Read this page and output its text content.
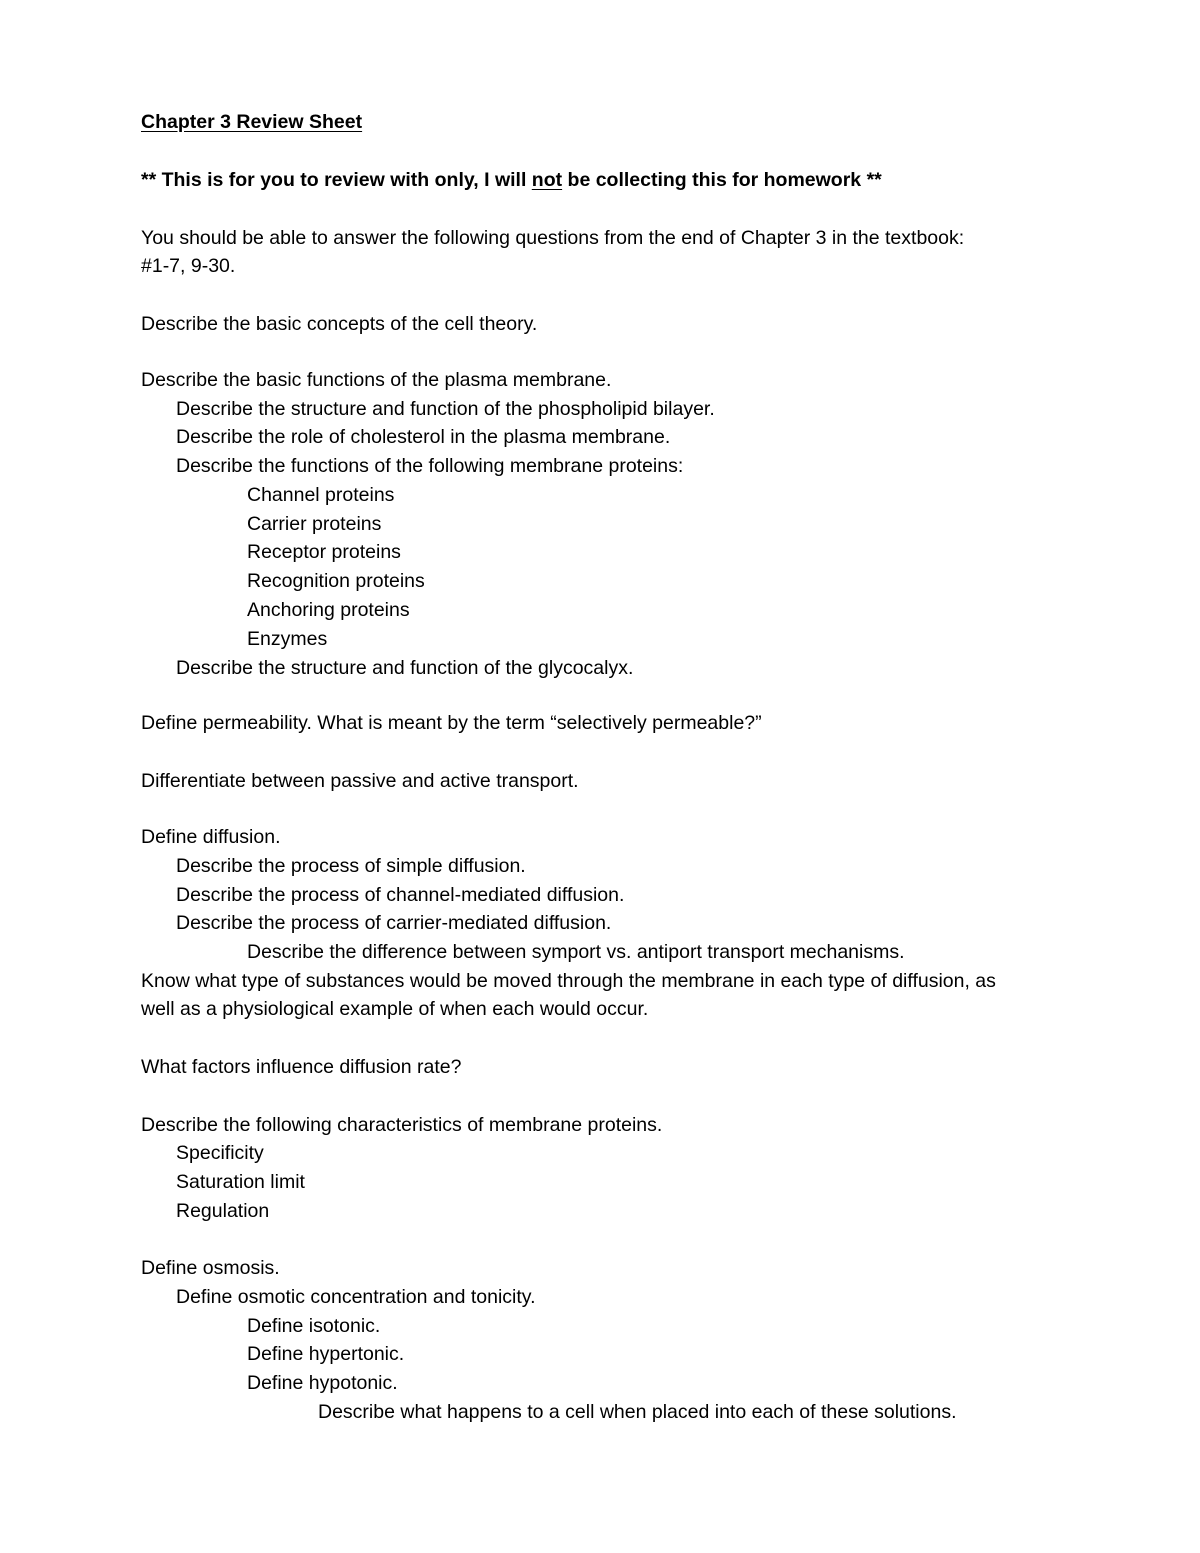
Chapter 3 Review Sheet
** This is for you to review with only, I will not be collecting this for homework **
You should be able to answer the following questions from the end of Chapter 3 in the textbook:
#1-7, 9-30.
Describe the basic concepts of the cell theory.
Describe the basic functions of the plasma membrane.
Describe the structure and function of the phospholipid bilayer.
Describe the role of cholesterol in the plasma membrane.
Describe the functions of the following membrane proteins:
Channel proteins
Carrier proteins
Receptor proteins
Recognition proteins
Anchoring proteins
Enzymes
Describe the structure and function of the glycocalyx.
Define permeability. What is meant by the term “selectively permeable?”
Differentiate between passive and active transport.
Define diffusion.
Describe the process of simple diffusion.
Describe the process of channel-mediated diffusion.
Describe the process of carrier-mediated diffusion.
Describe the difference between symport vs. antiport transport mechanisms.
Know what type of substances would be moved through the membrane in each type of diffusion, as
well as a physiological example of when each would occur.
What factors influence diffusion rate?
Describe the following characteristics of membrane proteins.
Specificity
Saturation limit
Regulation
Define osmosis.
Define osmotic concentration and tonicity.
Define isotonic.
Define hypertonic.
Define hypotonic.
Describe what happens to a cell when placed into each of these solutions.
